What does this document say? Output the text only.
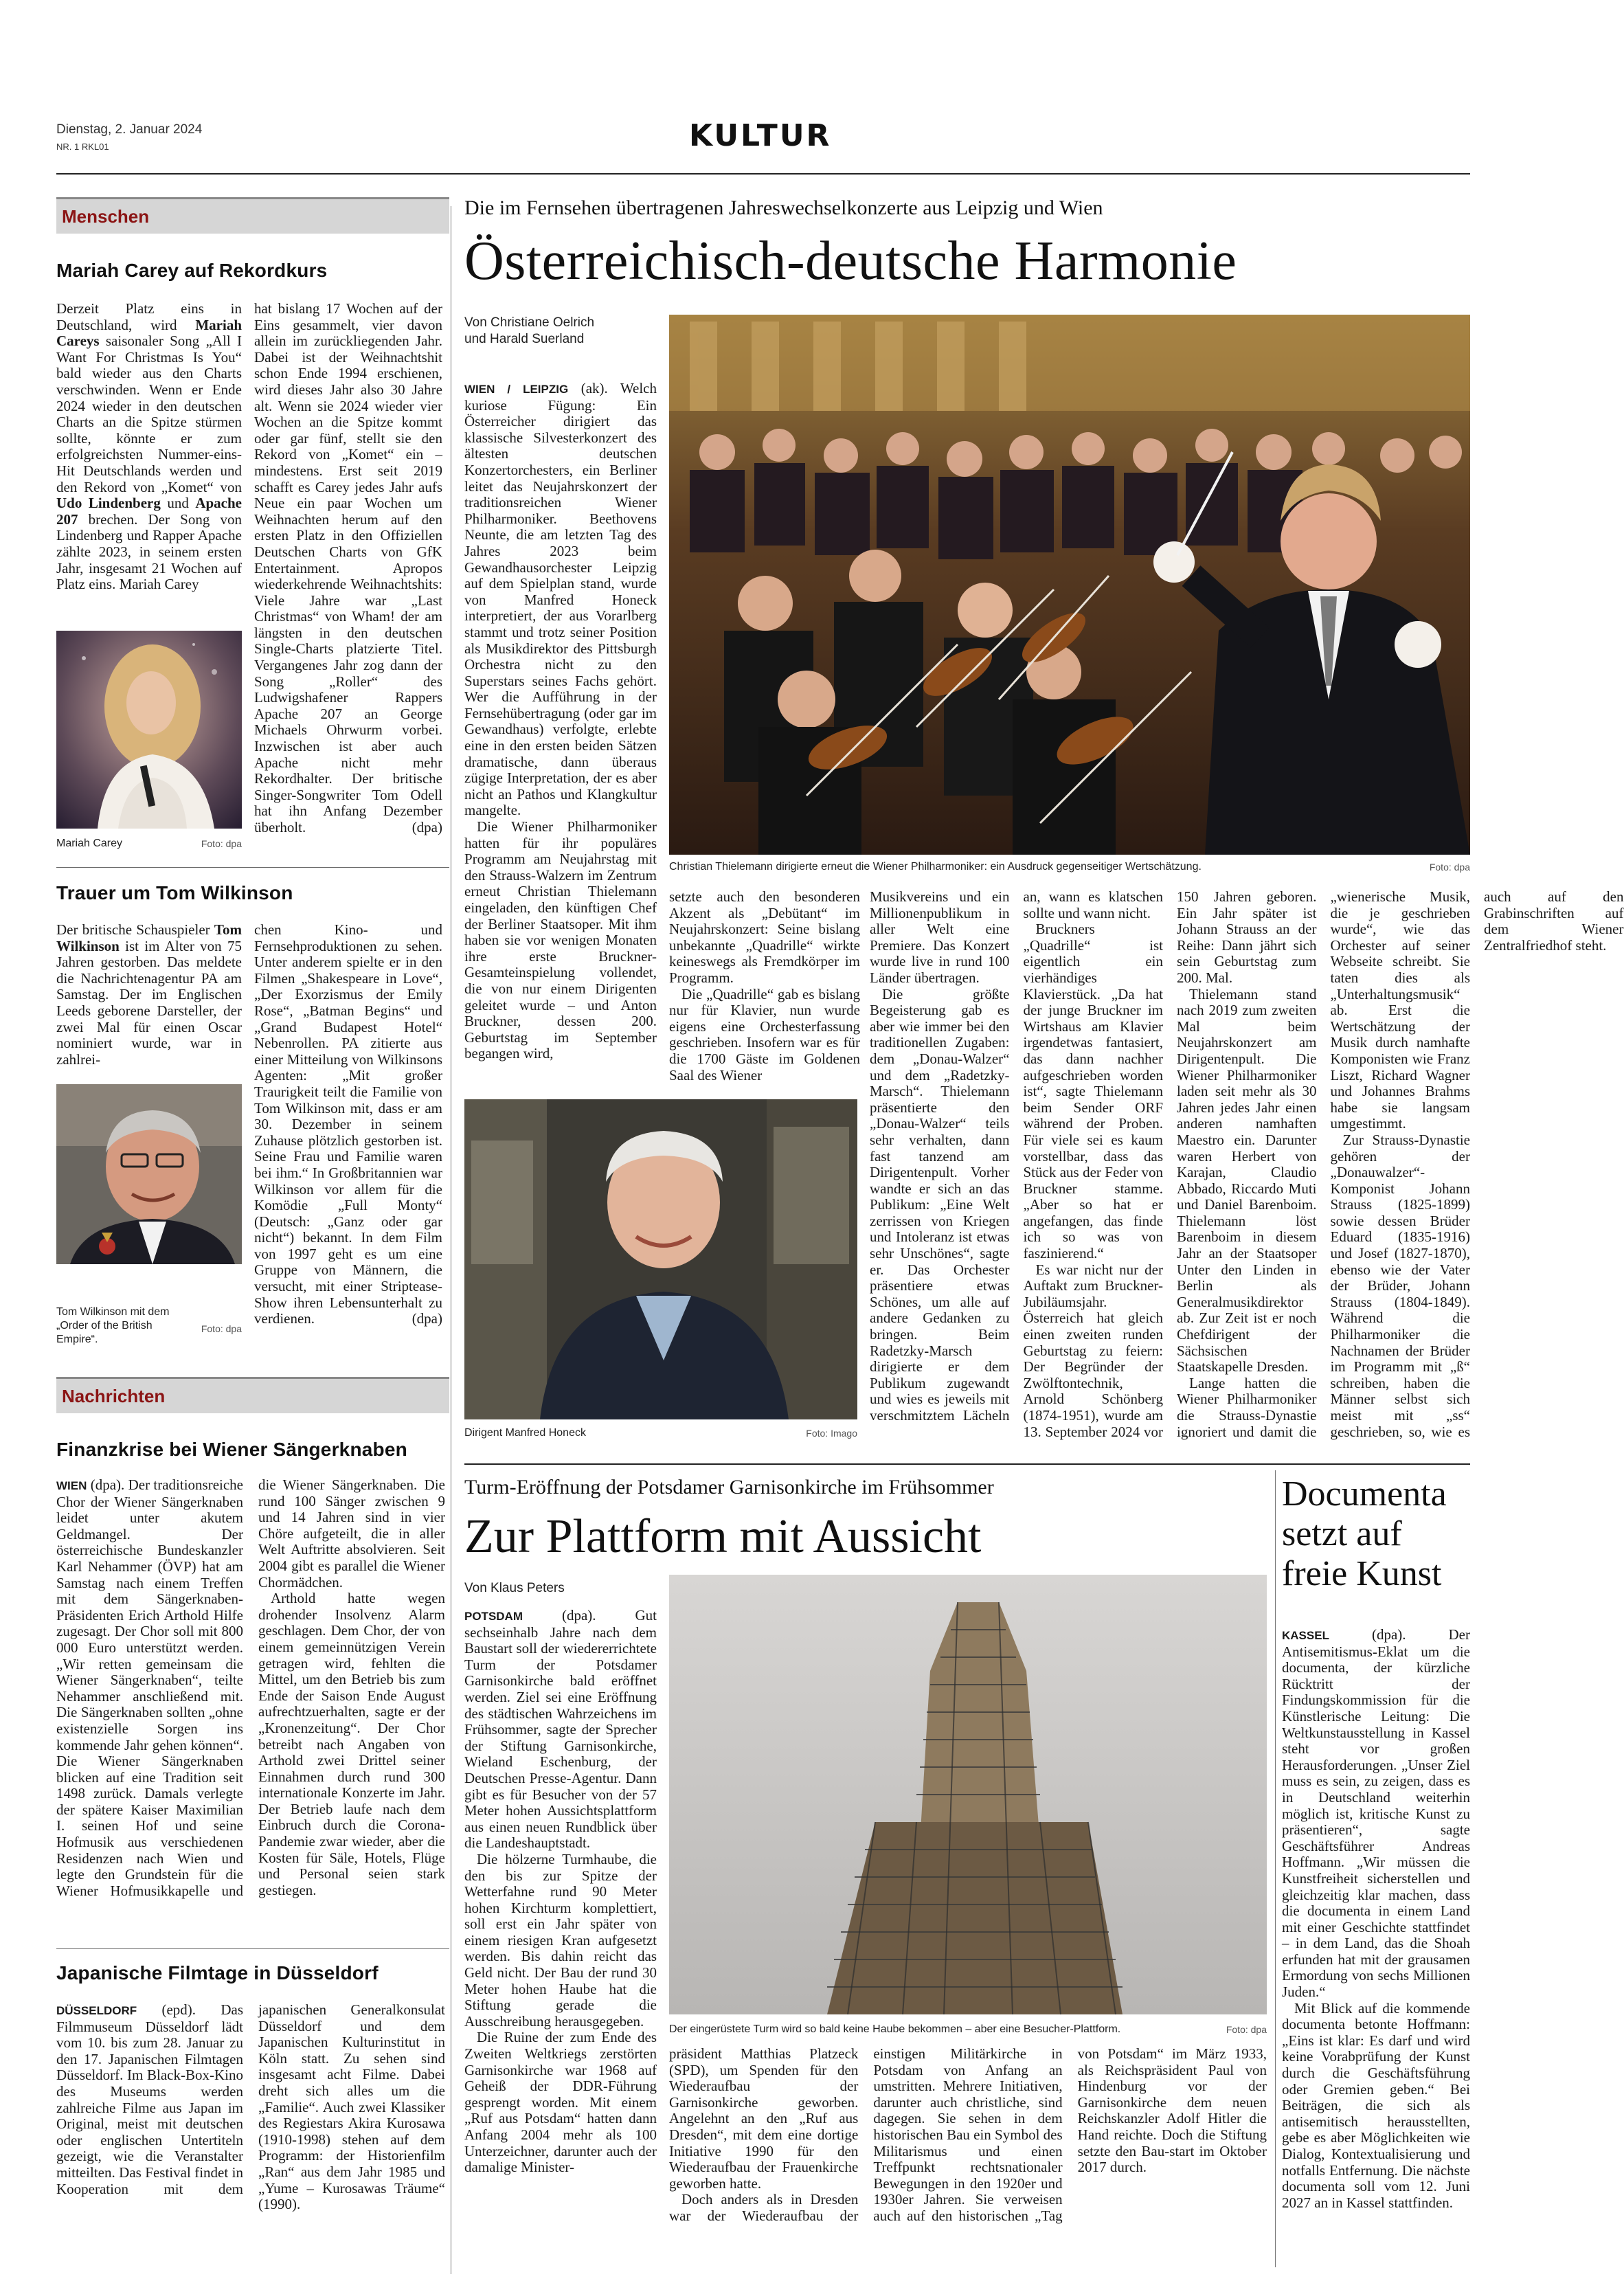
Dienstag, 2. Januar 2024
NR. 1 RKL01	KULTUR
Menschen
Mariah Carey auf Rekordkurs

Derzeit Platz eins in Deutschland, wird Mariah Careys saisonaler Song „All I Want For Christmas Is You“ bald wieder aus den Charts verschwinden. Wenn er Ende 2024 wieder in den deutschen Charts an die Spitze stürmen sollte, könnte er zum erfolgreichsten Nummer-eins-Hit Deutschlands werden und den Rekord von „Komet“ von Udo Lindenberg und Apache 207 brechen. Der Song von Lindenberg und Rapper Apache zählte 2023, in seinem ersten Jahr, insgesamt 21 Wochen auf Platz eins. Mariah Carey

Mariah Carey	Foto: dpa

hat bislang 17 Wochen auf der Eins gesammelt, vier davon allein im zurückliegenden Jahr. Dabei ist der Weihnachtshit schon Ende 1994 erschienen, wird dieses Jahr also 30 Jahre alt. Wenn sie 2024 wieder vier Wochen an die Spitze kommt oder gar fünf, stellt sie den Rekord von „Komet“ ein – mindestens. Erst seit 2019 schafft es Carey jedes Jahr aufs Neue ein paar Wochen um Weihnachten herum auf den ersten Platz in den Offiziellen Deutschen Charts von GfK Entertainment. Apropos wiederkehrende Weihnachtshits: Viele Jahre war „Last Christmas“ von Wham! der am längsten in den deutschen Single-Charts platzierte Titel. Vergangenes Jahr zog dann der Song „Roller“ des Ludwigshafener Rappers Apache 207 an George Michaels Ohrwurm vorbei. Inzwischen ist aber auch Apache nicht mehr Rekordhalter. Der britische Singer-Songwriter Tom Odell hat ihn Anfang Dezember überholt.	(dpa)

Trauer um Tom Wilkinson

Der britische Schauspieler Tom Wilkinson ist im Alter von 75 Jahren gestorben. Das meldete die Nachrichtenagentur PA am Samstag. Der im Englischen Leeds geborene Darsteller, der zwei Mal für einen Oscar nominiert wurde, war in zahlrei-

Tom Wilkinson mit dem „Order of the British Empire“.
Foto: dpa

chen Kino- und Fernsehproduktionen zu sehen. Unter anderem spielte er in den Filmen „Shakespeare in Love“, „Der Exorzismus der Emily Rose“, „Batman Begins“ und „Grand Budapest Hotel“ Nebenrollen. PA zitierte aus einer Mitteilung von Wilkinsons Agenten: „Mit großer Traurigkeit teilt die Familie von Tom Wilkinson mit, dass er am 30. Dezember in seinem Zuhause plötzlich gestorben ist. Seine Frau und Familie waren bei ihm.“ In Großbritannien war Wilkinson vor allem für die Komödie „Full Monty“ (Deutsch: „Ganz oder gar nicht“) bekannt. In dem Film von 1997 geht es um eine Gruppe von Männern, die versucht, mit einer Striptease-Show ihren Lebensunterhalt zu verdienen.	(dpa)

Nachrichten
Finanzkrise bei Wiener Sängerknaben

WIEN (dpa). Der traditionsreiche Chor der Wiener Sängerknaben leidet unter akutem Geldmangel. Der österreichische Bundeskanzler Karl Nehammer (ÖVP) hat am Samstag nach einem Treffen mit dem Sängerknaben-Präsidenten Erich Arthold Hilfe zugesagt. Der Chor soll mit 800 000 Euro unterstützt werden. „Wir retten gemeinsam die Wiener Sängerknaben“, teilte Nehammer anschließend mit. Die Sängerknaben sollten „ohne existenzielle Sorgen ins kommende Jahr gehen können“. Die Wiener Sängerknaben blicken auf eine Tradition seit 1498 zurück. Damals verlegte der spätere Kaiser Maximilian I. seinen Hof und seine Hofmusik aus verschiedenen Residenzen nach Wien und legte den Grundstein für die Wiener Hofmusikkapelle und die Wiener Sängerknaben. Die rund 100 Sänger zwischen 9 und 14 Jahren sind in vier Chöre aufgeteilt, die in aller Welt Auftritte absolvieren. Seit 2004 gibt es parallel die Wiener Chormädchen.

Arthold hatte wegen drohender Insolvenz Alarm geschlagen. Dem Chor, der von einem gemeinnützigen Verein getragen wird, fehlten die Mittel, um den Betrieb bis zum Ende der Saison Ende August aufrechtzuerhalten, sagte er der „Kronenzeitung“. Der Chor betreibt nach Angaben von Arthold zwei Drittel seiner Einnahmen durch rund 300 internationale Konzerte im Jahr. Der Betrieb laufe nach dem Einbruch durch die Corona-Pandemie zwar wieder, aber die Kosten für Säle, Hotels, Flüge und Personal seien stark gestiegen.

Japanische Filmtage in Düsseldorf

DÜSSELDORF (epd). Das Filmmuseum Düsseldorf lädt vom 10. bis zum 28. Januar zu den 17. Japanischen Filmtagen Düsseldorf. Im Black-Box-Kino des Museums werden zahlreiche Filme aus Japan im Original, meist mit deutschen oder englischen Untertiteln gezeigt, wie die Veranstalter mitteilten. Das Festival findet in Kooperation mit dem japanischen Generalkonsulat Düsseldorf und dem Japanischen Kulturinstitut in Köln statt. Zu sehen sind insgesamt acht Filme. Dabei dreht sich alles um die „Familie“. Auch zwei Klassiker des Regiestars Akira Kurosawa (1910-1998) stehen auf dem Programm: der Historienfilm „Ran“ aus dem Jahr 1985 und „Yume – Kurosawas Träume“ (1990).

Die im Fernsehen übertragenen Jahreswechselkonzerte aus Leipzig und Wien
Österreichisch-deutsche Harmonie
Von Christiane Oelrich
und Harald Suerland
Christian Thielemann dirigierte erneut die Wiener Philharmoniker: ein Ausdruck gegenseitiger Wertschätzung.	Foto: dpa

WIEN / LEIPZIG (ak). Welch kuriose Fügung: Ein Österreicher dirigiert das klassische Silvesterkonzert des ältesten deutschen Konzertorchesters, ein Berliner leitet das Neujahrskonzert der traditionsreichen Wiener Philharmoniker. Beethovens Neunte, die am letzten Tag des Jahres 2023 beim Gewandhausorchester Leipzig auf dem Spielplan stand, wurde von Manfred Honeck interpretiert, der aus Vorarlberg stammt und trotz seiner Position als Musikdirektor des Pittsburgh Orchestra nicht zu den Superstars seines Fachs gehört. Wer die Aufführung in der Fernsehübertragung (oder gar im Gewandhaus) verfolgte, erlebte eine in den ersten beiden Sätzen dramatische, dann überaus zügige Interpretation, der es aber nicht an Pathos und Klangkultur mangelte.

Die Wiener Philharmoniker hatten für ihr populäres Programm am Neujahrstag mit den Strauss-Walzern im Zentrum erneut Christian Thielemann eingeladen, den künftigen Chef der Berliner Staatsoper. Mit ihm haben sie vor wenigen Monaten ihre erste Bruckner-Gesamteinspielung vollendet, die von nur einem Dirigenten geleitet wurde – und Anton Bruckner, dessen 200. Geburtstag im September begangen wird,

setzte auch den besonderen Akzent als „Debütant“ im Neujahrskonzert: Seine bislang unbekannte „Quadrille“ wirkte keineswegs als Fremdkörper im Programm.

Die „Quadrille“ gab es bislang nur für Klavier, nun wurde eigens eine Orchesterfassung geschrieben. Insofern war es für die 1700 Gäste im Goldenen Saal des Wiener

Dirigent Manfred Honeck	Foto: Imago

Musikvereins und ein Millionenpublikum in aller Welt eine Premiere. Das Konzert wurde live in rund 100 Länder übertragen.

Die größte Begeisterung gab es aber wie immer bei den traditionellen Zugaben: dem „Donau-Walzer“ und dem „Radetzky-Marsch“. Thielemann präsentierte den „Donau-Walzer“ teils sehr verhalten, dann fast tanzend am Dirigentenpult. Vorher wandte er sich an das Publikum: „Eine Welt zerrissen von Kriegen und Intoleranz ist etwas sehr Unschönes“, sagte er. Das Orchester präsentiere etwas Schönes, um alle auf andere Gedanken zu bringen. Beim Radetzky-Marsch dirigierte er dem Publikum zugewandt und wies es jeweils mit verschmitztem Lächeln an, wann es klatschen sollte und wann nicht.

Bruckners „Quadrille“ ist eigentlich ein vierhändiges Klavierstück. „Da hat der junge Bruckner im Wirtshaus am Klavier irgendetwas fantasiert, das dann nachher aufgeschrieben worden ist“, sagte Thielemann beim Sender ORF während der Proben. Für viele sei es kaum vorstellbar, dass das Stück aus der Feder von Bruckner stamme. „Aber so hat er angefangen, das finde ich so was von faszinierend.“

Es war nicht nur der Auftakt zum Bruckner-Jubiläumsjahr. Österreich hat gleich einen zweiten runden Geburtstag zu feiern: Der Begründer der Zwölftontechnik, Arnold Schönberg (1874-1951), wurde am 13. September 2024 vor 150 Jahren geboren. Ein Jahr später ist Johann Strauss an der Reihe: Dann jährt sich sein Geburtstag zum 200. Mal.

Thielemann stand nach 2019 zum zweiten Mal beim Neujahrskonzert am Dirigentenpult. Die Wiener Philharmoniker laden seit mehr als 30 Jahren jedes Jahr einen anderen namhaften Maestro ein. Darunter waren Herbert von Karajan, Claudio Abbado, Riccardo Muti und Daniel Barenboim. Thielemann löst Barenboim in diesem Jahr an der Staatsoper Unter den Linden in Berlin als Generalmusikdirektor ab. Zur Zeit ist er noch Chefdirigent der Sächsischen Staatskapelle Dresden.

Lange hatten die Wiener Philharmoniker die Strauss-Dynastie ignoriert und damit die „wienerische Musik, die je geschrieben wurde“, wie das Orchester auf seiner Webseite schreibt. Sie taten dies als „Unterhaltungsmusik“ ab. Erst die Wertschätzung der Musik durch namhafte Komponisten wie Franz Liszt, Richard Wagner und Johannes Brahms habe sie langsam umgestimmt.

Zur Strauss-Dynastie gehören der „Donauwalzer“-Komponist Johann Strauss (1825-1899) sowie dessen Brüder Eduard (1835-1916) und Josef (1827-1870), ebenso wie der Vater der Brüder, Johann Strauss (1804-1849). Während die Philharmoniker die Nachnamen der Brüder im Programm mit „ß“ schreiben, haben die Männer selbst sich meist mit „ss“ geschrieben, so, wie es auch auf den Grabinschriften auf dem Wiener Zentralfriedhof steht.

Turm-Eröffnung der Potsdamer Garnisonkirche im Frühsommer
Zur Plattform mit Aussicht
Von Klaus Peters

POTSDAM (dpa). Gut sechseinhalb Jahre nach dem Baustart soll der wiedererrichtete Turm der Potsdamer Garnisonkirche bald eröffnet werden. Ziel sei eine Eröffnung des städtischen Wahrzeichens im Frühsommer, sagte der Sprecher der Stiftung Garnisonkirche, Wieland Eschenburg, der Deutschen Presse-Agentur. Dann gibt es für Besucher von der 57 Meter hohen Aussichtsplattform aus einen neuen Rundblick über die Landeshauptstadt.

Die hölzerne Turmhaube, die den bis zur Spitze der Wetterfahne rund 90 Meter hohen Kirchturm komplettiert, soll erst ein Jahr später von einem riesigen Kran aufgesetzt werden. Bis dahin reicht das Geld nicht. Der Bau der rund 30 Meter hohen Haube hat die Stiftung gerade die Ausschreibung herausgegeben.

Die Ruine der zum Ende des Zweiten Weltkriegs zerstörten Garnisonkirche war 1968 auf Geheiß der DDR-Führung gesprengt worden. Mit einem „Ruf aus Potsdam“ hatten dann Anfang 2004 mehr als 100 Unterzeichner, darunter auch der damalige Minister-

Der eingerüstete Turm wird so bald keine Haube bekommen – aber eine Besucher-Plattform.	Foto: dpa

präsident Matthias Platzeck (SPD), um Spenden für den Wiederaufbau der Garnisonkirche geworben. Angelehnt an den „Ruf aus Dresden“, mit dem eine dortige Initiative 1990 für den Wiederaufbau der Frauenkirche geworben hatte.

Doch anders als in Dresden war der Wiederaufbau der einstigen Militärkirche in Potsdam von Anfang an umstritten. Mehrere Initiativen, darunter auch christliche, sind dagegen. Sie sehen in dem historischen Bau ein Symbol des Militarismus und einen Treffpunkt rechtsnationaler Bewegungen in den 1920er und 1930er Jahren. Sie verweisen auch auf den historischen „Tag von Potsdam“ im März 1933, als Reichspräsident Paul von Hindenburg vor der Garnisonkirche dem neuen Reichskanzler Adolf Hitler die Hand reichte. Doch die Stiftung setzte den Bau-start im Oktober 2017 durch.

Documenta
setzt auf
freie Kunst

KASSEL (dpa). Der Antisemitismus-Eklat um die documenta, der kürzliche Rücktritt der Findungskommission für die Künstlerische Leitung: Die Weltkunstausstellung in Kassel steht vor großen Herausforderungen. „Unser Ziel muss es sein, zu zeigen, dass es in Deutschland weiterhin möglich ist, kritische Kunst zu präsentieren“, sagte Geschäftsführer Andreas Hoffmann. „Wir müssen die Kunstfreiheit sicherstellen und gleichzeitig klar machen, dass die documenta in einem Land mit einer Geschichte stattfindet – in dem Land, das die Shoah erfunden hat mit der grausamen Ermordung von sechs Millionen Juden.“

Mit Blick auf die kommende documenta betonte Hoffmann: „Eins ist klar: Es darf und wird keine Vorabprüfung der Kunst durch die Geschäftsführung oder Gremien geben.“ Bei Beiträgen, die sich als antisemitisch herausstellten, gebe es aber Möglichkeiten wie Dialog, Kontextualisierung und notfalls Entfernung. Die nächste documenta soll vom 12. Juni 2027 an in Kassel stattfinden.
